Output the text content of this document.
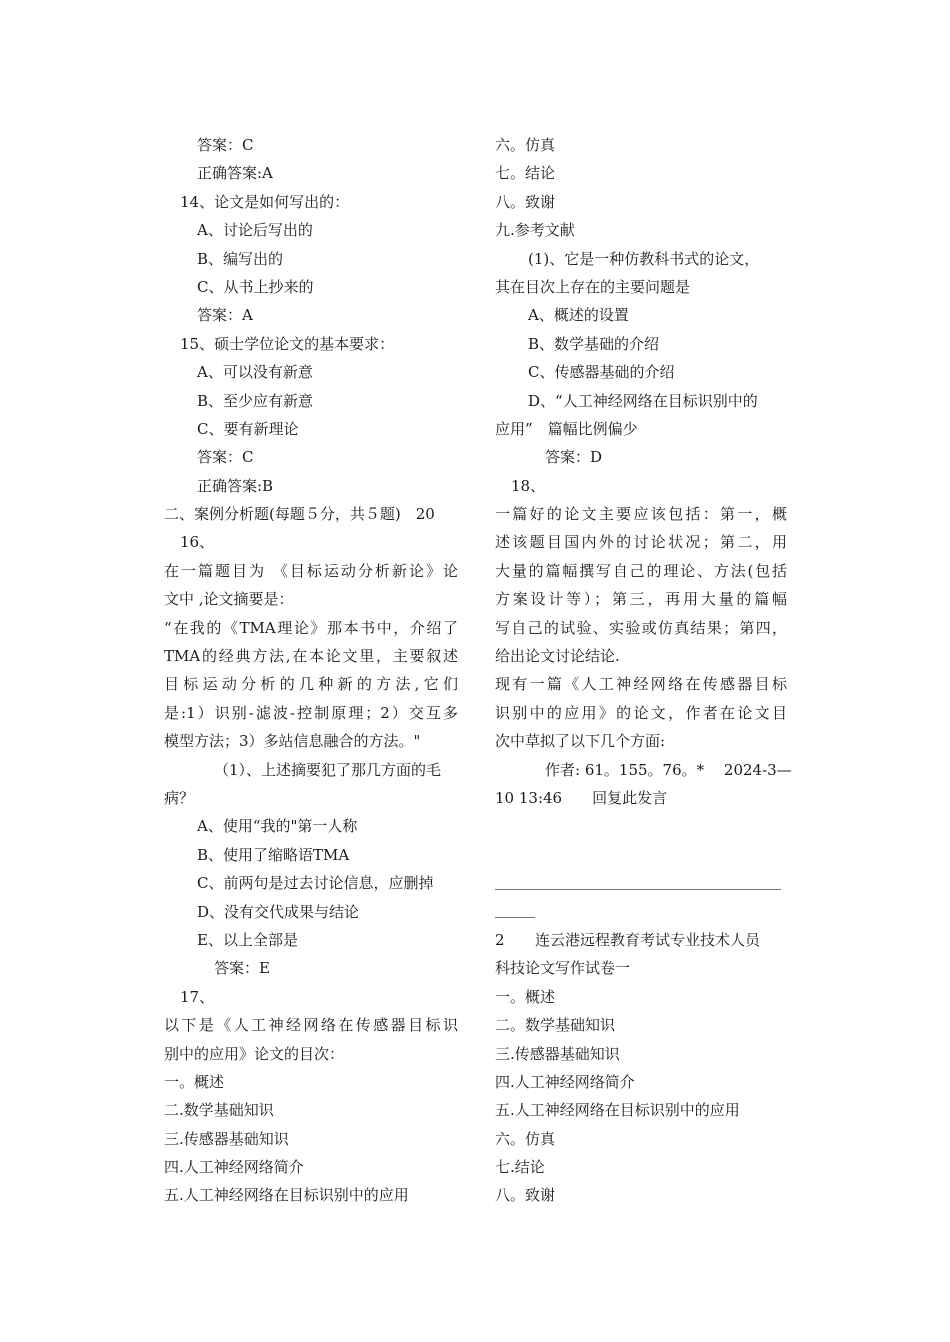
答案：C
正确答案:A
14、论文是如何写出的：
A、讨论后写出的
B、编写出的
C、从书上抄来的
答案：A
15、硕士学位论文的基本要求：
A、可以没有新意
B、至少应有新意
C、要有新理论
答案：C
正确答案:B
二、案例分析题(每题５分，共５题)　20
16、
在一篇题目为 《目标运动分析新论》论
文中 ,论文摘要是：
“在我的《TMA理论》那本书中，介绍了
TMA的经典方法,在本论文里，主要叙述
目标运动分析的几种新的方法,它们
是:1）识别-滤波-控制原理；2）交互多
模型方法；3）多站信息融合的方法。"
（1）、上述摘要犯了那几方面的毛
病？
A、使用“我的"第一人称
B、使用了缩略语TMA
C、前两句是过去讨论信息，应删掉
D、没有交代成果与结论
E、以上全部是
答案：E
17、
以下是《人工神经网络在传感器目标识
别中的应用》论文的目次：
一。概述
二.数学基础知识
三.传感器基础知识
四.人工神经网络简介
五.人工神经网络在目标识别中的应用
六。仿真
七。结论
八。致谢
九.参考文献
(1)、它是一种仿教科书式的论文，
其在目次上存在的主要问题是
A、概述的设置
B、数学基础的介绍
C、传感器基础的介绍
D、“人工神经网络在目标识别中的
应用”　篇幅比例偏少
答案：D
18、
一篇好的论文主要应该包括：第一，概
述该题目国内外的讨论状况；第二，用
大量的篇幅撰写自己的理论、方法(包括
方案设计等）；第三，再用大量的篇幅
写自己的试验、实验或仿真结果；第四，
给出论文讨论结论.
现有一篇《人工神经网络在传感器目标
识别中的应用》的论文，作者在论文目
次中草拟了以下几个方面:
作者: 61。155。76。*　 2024-3—
10 13:46　　回复此发言
2 连云港远程教育考试专业技术人员
科技论文写作试卷一
一。概述
二。数学基础知识
三.传感器基础知识
四.人工神经网络简介
五.人工神经网络在目标识别中的应用
六。仿真
七.结论
八。致谢
